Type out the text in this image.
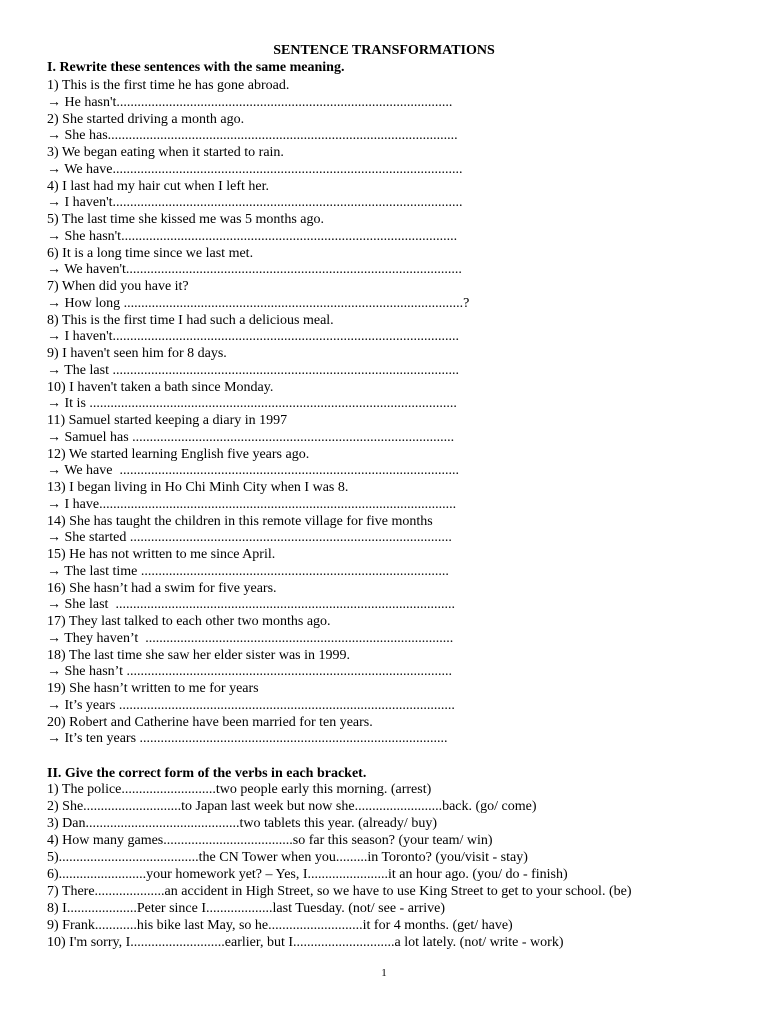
SENTENCE TRANSFORMATIONS
I. Rewrite these sentences with the same meaning.
1) This is the first time he has gone abroad.
→ He hasn't................................................................................................
2) She started driving a month ago.
→ She has....................................................................................................
3) We began eating when it started to rain.
→ We have....................................................................................................
4) I last had my hair cut when I left her.
→ I haven't....................................................................................................
5) The last time she kissed me was 5 months ago.
→ She hasn't................................................................................................
6) It is a long time since we last met.
→ We haven't................................................................................................
7) When did you have it?
→ How long .................................................................................................?
8) This is the first time I had such a delicious meal.
→ I haven't...................................................................................................
9) I haven't seen him for 8 days.
→ The last ...................................................................................................
10) I haven't taken a bath since Monday.
→ It is .........................................................................................................
11) Samuel started keeping a diary in 1997
→ Samuel has ............................................................................................
12) We started learning English five years ago.
→ We have  .................................................................................................
13) I began living in Ho Chi Minh City when I was 8.
→ I have......................................................................................................
14) She has taught the children in this remote village for five months
→ She started ............................................................................................
15) He has not written to me since April.
→ The last time ........................................................................................
16) She hasn’t had a swim for five years.
→ She last  .................................................................................................
17) They last talked to each other two months ago.
→ They haven’t  ........................................................................................
18) The last time she saw her elder sister was in 1999.
→ She hasn’t .............................................................................................
19) She hasn’t written to me for years
→ It’s years ................................................................................................
20) Robert and Catherine have been married for ten years.
→ It’s ten years ........................................................................................
II. Give the correct form of the verbs in each bracket.
1) The police...........................two people early this morning. (arrest)
2) She............................to Japan last week but now she.........................back. (go/ come)
3) Dan............................................two tablets this year. (already/ buy)
4) How many games.....................................so far this season? (your team/ win)
5)........................................the CN Tower when you.........in Toronto? (you/visit - stay)
6).........................your homework yet? – Yes, I.......................it an hour ago. (you/ do - finish)
7) There....................an accident in High Street, so we have to use King Street to get to your school. (be)
8) I....................Peter since I...................last Tuesday. (not/ see - arrive)
9) Frank............his bike last May, so he...........................it for 4 months. (get/ have)
10) I'm sorry, I...........................earlier, but I.............................a lot lately. (not/ write - work)
1
